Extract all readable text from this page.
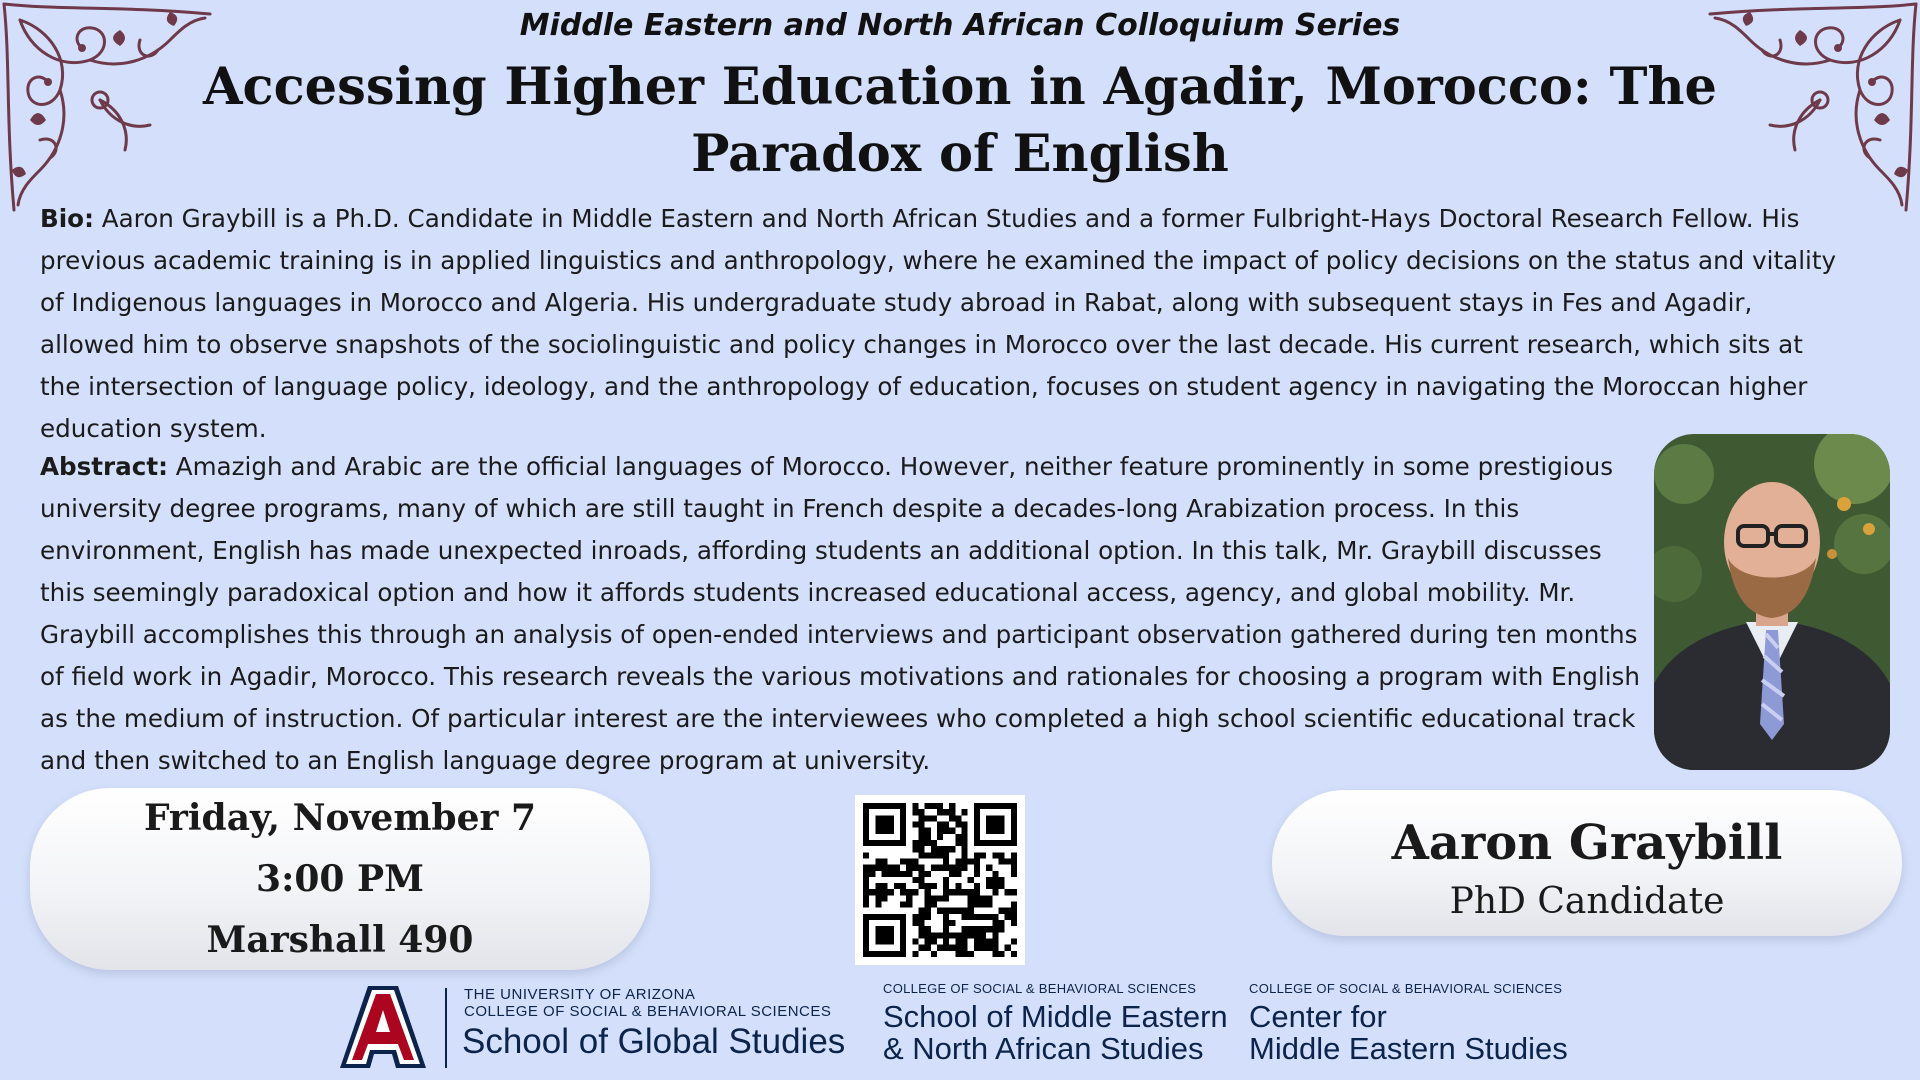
Middle Eastern and North African Colloquium Series
Accessing Higher Education in Agadir, Morocco: The
Paradox of English

Bio: Aaron Graybill is a Ph.D. Candidate in Middle Eastern and North African Studies and a former Fulbright-Hays Doctoral Research Fellow. His previous academic training is in applied linguistics and anthropology, where he examined the impact of policy decisions on the status and vitality of Indigenous languages in Morocco and Algeria. His undergraduate study abroad in Rabat, along with subsequent stays in Fes and Agadir, allowed him to observe snapshots of the sociolinguistic and policy changes in Morocco over the last decade. His current research, which sits at the intersection of language policy, ideology, and the anthropology of education, focuses on student agency in navigating the Moroccan higher education system.

Abstract: Amazigh and Arabic are the official languages of Morocco. However, neither feature prominently in some prestigious university degree programs, many of which are still taught in French despite a decades-long Arabization process. In this environment, English has made unexpected inroads, affording students an additional option. In this talk, Mr. Graybill discusses this seemingly paradoxical option and how it affords students increased educational access, agency, and global mobility. Mr. Graybill accomplishes this through an analysis of open-ended interviews and participant observation gathered during ten months of field work in Agadir, Morocco. This research reveals the various motivations and rationales for choosing a program with English as the medium of instruction. Of particular interest are the interviewees who completed a high school scientific educational track and then switched to an English language degree program at university.

Friday, November 7
3:00 PM
Marshall 490
Aaron Graybill
PhD Candidate
THE UNIVERSITY OF ARIZONA
COLLEGE OF SOCIAL & BEHAVIORAL SCIENCES
School of Global Studies
COLLEGE OF SOCIAL & BEHAVIORAL SCIENCES
School of Middle Eastern
& North African Studies
COLLEGE OF SOCIAL & BEHAVIORAL SCIENCES
Center for
Middle Eastern Studies
